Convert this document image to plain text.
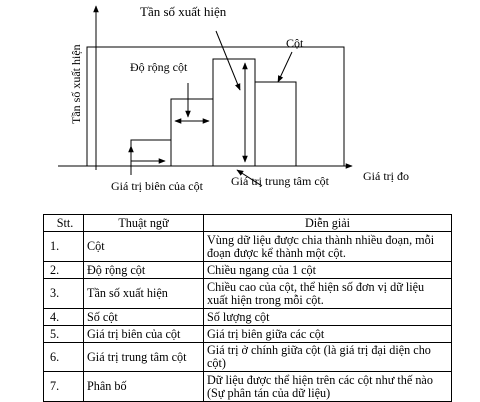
Tần số xuất hiện
Tần số xuất hiện	Độ rộng cột
Cột
Giá trị biên của cột Giá trị trung tâm cột	Giá trị đo
Stt.	Thuật ngữ	Diễn giải
1.	Cột	Vùng dữ liệu được chia thành nhiều đoạn, mỗi đoạn được kể thành một cột.
2.	Độ rộng cột	Chiều ngang của 1 cột
3.	Tần số xuất hiện	Chiều cao của cột, thể hiện số đơn vị dữ liệu xuất hiện trong mỗi cột.
4.	Số cột	Số lượng cột
5.	Giá trị biên của cột	Giá trị biên giữa các cột
6.	Giá trị trung tâm cột	Giá trị ở chính giữa cột (là giá trị đại diện cho cột)
7.	Phân bố	Dữ liệu được thể hiện trên các cột như thế nào (Sự phân tán của dữ liệu)
